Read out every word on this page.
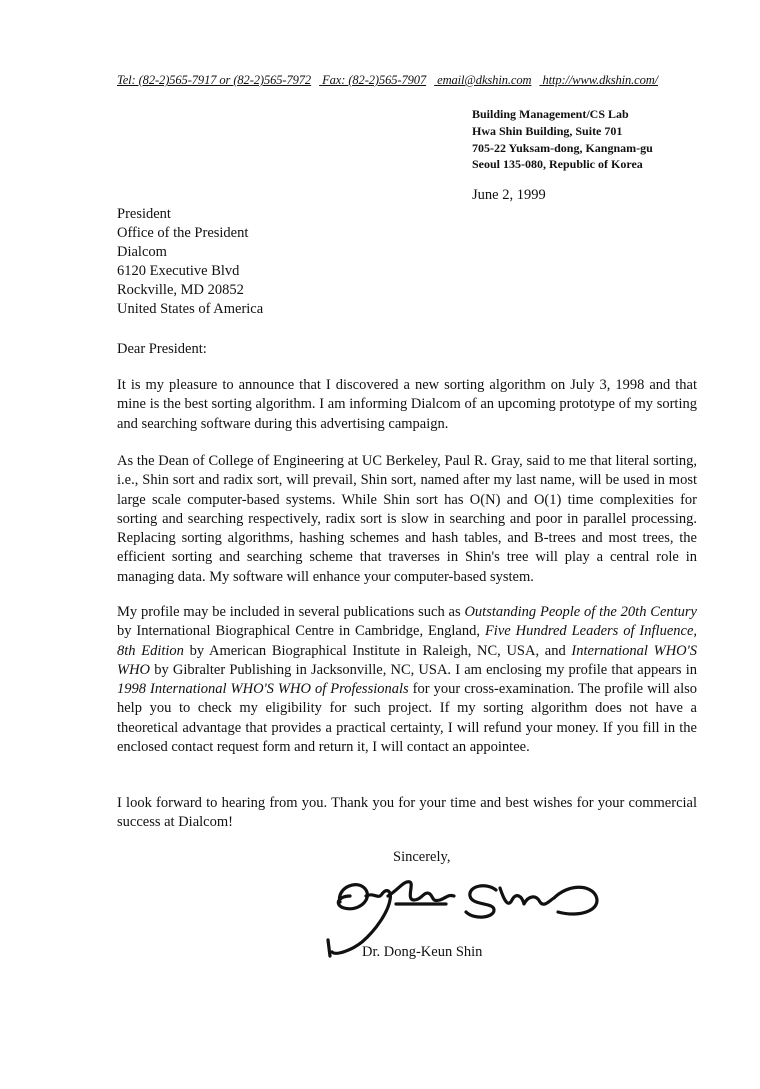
Tel: (82-2)565-7917 or (82-2)565-7972 Fax: (82-2)565-7907 email@dkshin.com http://www.dkshin.com/
Building Management/CS Lab
Hwa Shin Building, Suite 701
705-22 Yuksam-dong, Kangnam-gu
Seoul 135-080, Republic of Korea
June 2, 1999
President
Office of the President
Dialcom
6120 Executive Blvd
Rockville, MD 20852
United States of America
Dear President:
It is my pleasure to announce that I discovered a new sorting algorithm on July 3, 1998 and that mine is the best sorting algorithm. I am informing Dialcom of an upcoming prototype of my sorting and searching software during this advertising campaign.
As the Dean of College of Engineering at UC Berkeley, Paul R. Gray, said to me that literal sorting, i.e., Shin sort and radix sort, will prevail, Shin sort, named after my last name, will be used in most large scale computer-based systems. While Shin sort has O(N) and O(1) time complexities for sorting and searching respectively, radix sort is slow in searching and poor in parallel processing. Replacing sorting algorithms, hashing schemes and hash tables, and B-trees and most trees, the efficient sorting and searching scheme that traverses in Shin's tree will play a central role in managing data. My software will enhance your computer-based system.
My profile may be included in several publications such as Outstanding People of the 20th Century by International Biographical Centre in Cambridge, England, Five Hundred Leaders of Influence, 8th Edition by American Biographical Institute in Raleigh, NC, USA, and International WHO'S WHO by Gibralter Publishing in Jacksonville, NC, USA. I am enclosing my profile that appears in 1998 International WHO'S WHO of Professionals for your cross-examination. The profile will also help you to check my eligibility for such project. If my sorting algorithm does not have a theoretical advantage that provides a practical certainty, I will refund your money. If you fill in the enclosed contact request form and return it, I will contact an appointee.
I look forward to hearing from you. Thank you for your time and best wishes for your commercial success at Dialcom!
Sincerely,
Dr. Dong-Keun Shin
